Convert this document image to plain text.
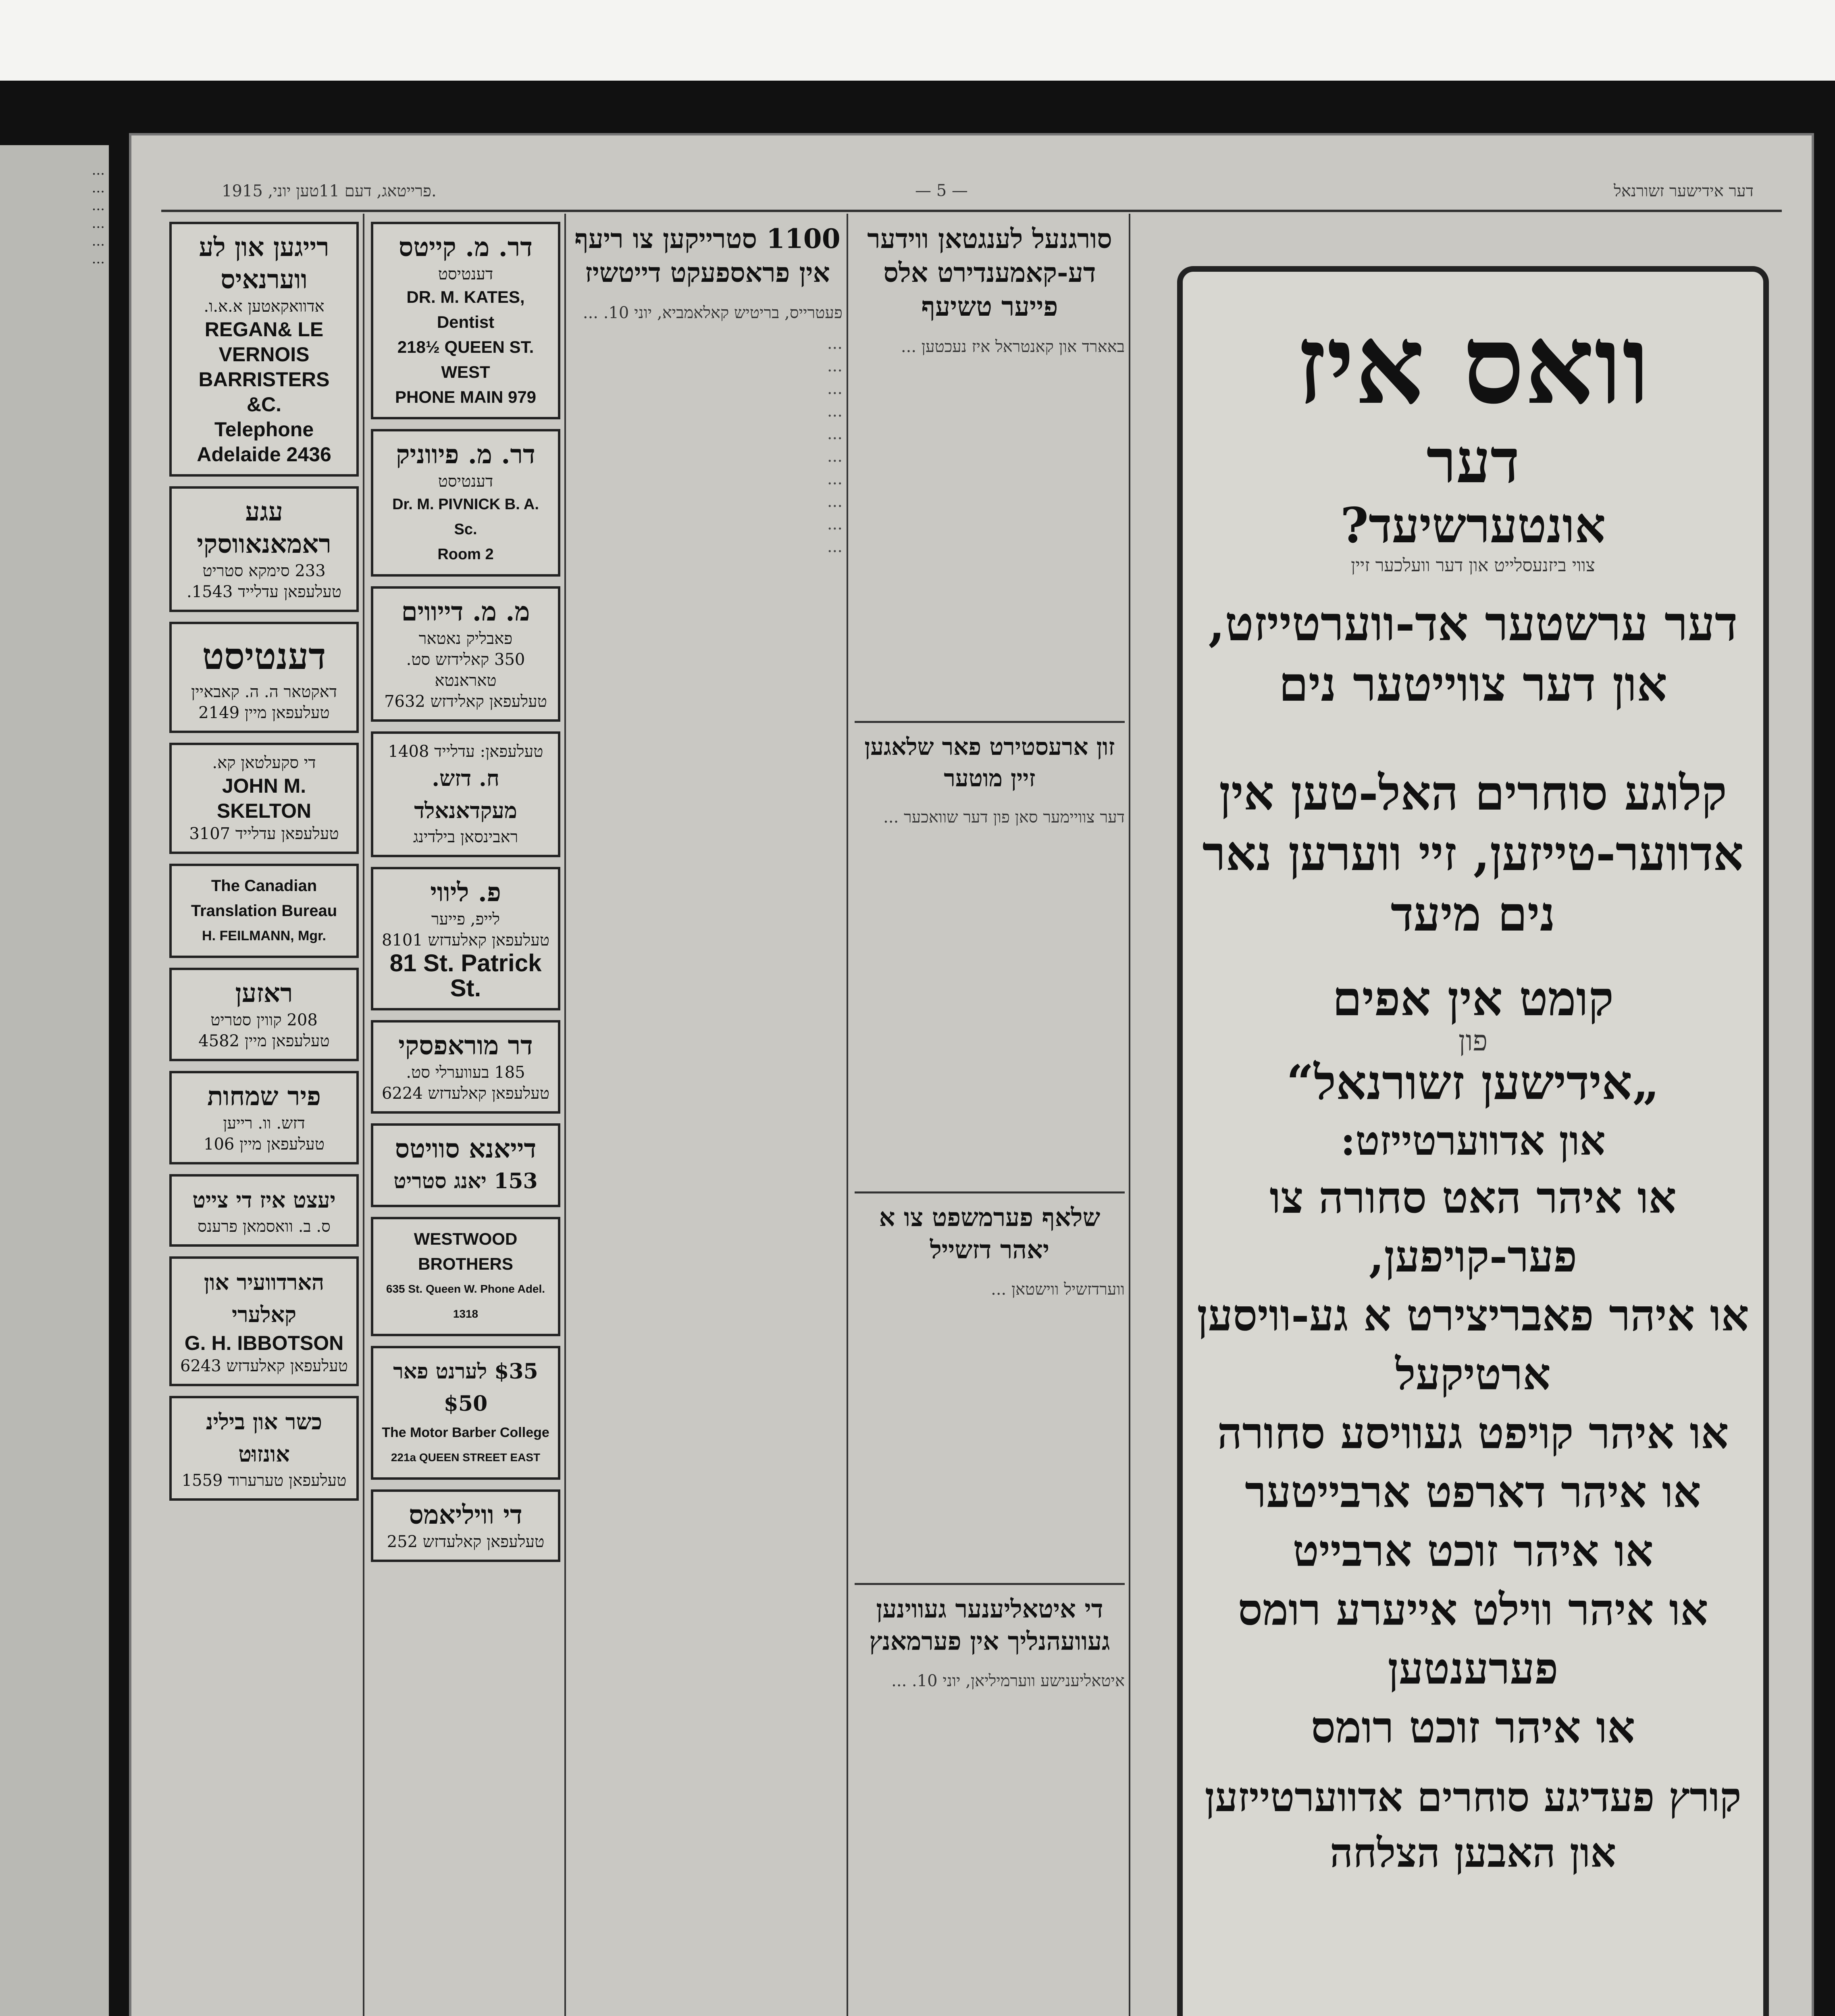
...
...
...
...
...
...
פרייטאג, דעם 11טען יוני, 1915.	— 5 —	דער אידישער זשורנאל
רייגען און לע ווערנאיס
אדוואקאטען א.א.ו.
REGAN& LE VERNOIS
BARRISTERS &C.
Telephone Adelaide 2436
עגע ראמאנאווסקי
233 סימקא סטריט
טעלעפאן עדלייד 1543.
דענטיסט
דאקטאר ה. ה. קאבאיין
טעלעפאן מיין 2149
די סקעלטאן קא.
JOHN M. SKELTON
טעלעפאן עדלייד 3107
The Canadian Translation Bureau
H. FEILMANN, Mgr.
ראזען
208 קווין סטריט
טעלעפאן מיין 4582
פיר שמחות
דזש. וו. רייען
טעלעפאן מיין 106
יעצט איז די צייט
ס. ב. וואסמאן פרענס
הארדוועיר און קאלערי
G. H. IBBOTSON
טעלעפאן קאלעדזש 6243
כשר און בילינ אונזוּט
טעלעפאן טערערוד 1559
דר. מ. קייטס
דענטיסט
DR. M. KATES, Dentist
218½ QUEEN ST. WEST
PHONE MAIN 979
דר. מ. פיווניק
דענטיסט
Dr. M. PIVNICK B. A. Sc.
Room 2
מ. מ. דייווים
פאבליק נאטאר
350 קאלידזש סט. טאראנטא
טעלעפאן קאלידזש 7632
טעלעפאן: עדלייד 1408
ח. דזש. מעקדאנאלד
ראבינסאן בילדינג
פ. ליווי
לייפ, פייער
טעלעפאן קאלעדזש 8101
81 St. Patrick St.
דר מוראפסקי
185 בעווערלי סט.
טעלעפאן קאלעדזש 6224
דייאנא סוויטס
153 יאנג סטריט
WESTWOOD BROTHERS
635 St. Queen W. Phone Adel. 1318
$35 לערנט פאר $50
The Motor Barber College
221a QUEEN STREET EAST
די וויליאמס
טעלעפאן קאלעדזש 252
1100 סטרייקען צו ריעף אין פראספעקט דייטשיז
פעטרייס, בריטיש קאלאמביא, יוני 10. ...
...
...
...
...
...
...
...
...
...
...
סורגנעל לענגטאן ווידער דע-קאמענדירט אלס פייער טשיעף
באארד און קאנטראל איז נעכטען ...
זון ארעסטירט פאר שלאגען זיין מוטער
דער צוויימער סאן פון דער שוואכער ...
שלאף פערמשפט צו א יאהר דזשייל
ווערדזשיל ווישטאן ...
די איטאליענער געווינען געוועהנליך אין פערמאנץ
איטאליענישע ווערמיליאן, יוני 10. ...
וואס איז
דער
אונטערשיעד?
צווי ביזנעסלייט און דער וועלכער זיין
דער ערשטער אד-ווערטייזט, און דער צווייטער נים
קלוגע סוחרים האל-טען אין אדווער-טייזען, זיי ווערען נאר נים מיעד
קומט אין אפים
פון
„אידישען זשורנאל“
און אדווערטייזט:
או איהר האט סחורה צו פער-קויפען,
או איהר פאבריצירט א גע-וויסען ארטיקעל
או איהר קויפט געוויסע סחורה
או איהר דארפט ארבייטער
או איהר זוכט ארבייט
או איהר ווילט אייערע רומס פערענטען
או איהר זוכט רומס
קורץ פעדיגע סוחרים אדווערטייזען און האבען הצלחה
